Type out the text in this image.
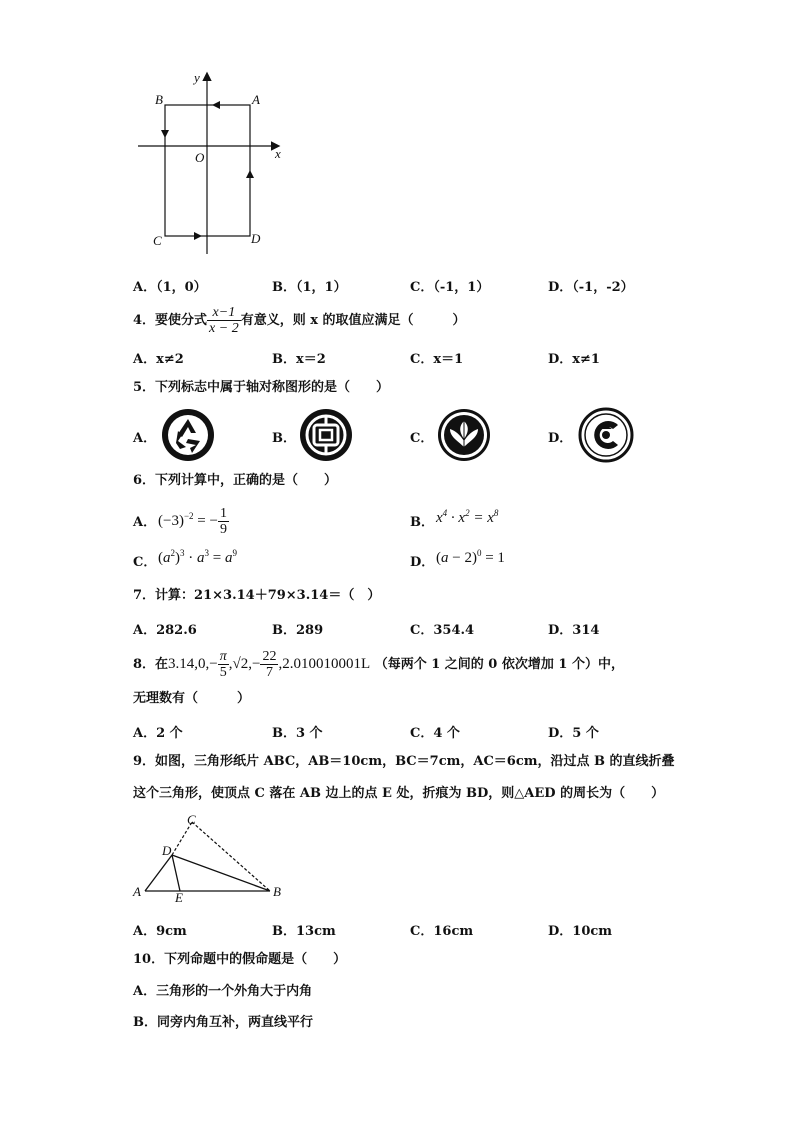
y
x
O
A
B
C	D
A．（1，0）	B．（1，1）	C．（-1，1）	D．（-1，-2）
4．要使分式 $\frac{x-1}{x - 2}$ 有意义，则 x 的取值应满足（　　　）
A．x≠2	B．x＝2	C．x＝1	D．x≠1
5．下列标志中属于轴对称图形的是（　　）
A．	B．	C．	D．
6．下列计算中，正确的是（　　）
A． $(-3)^{-2}$ = − $\frac{1}{9}$	B． $x^4 \cdot x^2 = x^8$
C． $(a^2)^3 \cdot a^3 = a^9$
D． $(a - 2)^0 = 1$
7．计算：21×3.14＋79×3.14＝（　）
A．282.6	B．289	C．354.4	D．314
8．在$3.14,0,- \frac{\pi}{5} ,√2,- \frac{22}{7} ,2.010010001L$ （每两个 1 之间的 0 依次增加 1 个）中，
无理数有（　　　）
A．2 个	B．3 个	C．4 个	D．5 个
9．如图，三角形纸片 ABC，AB＝10cm，BC＝7cm，AC＝6cm，沿过点 B 的直线折叠
这个三角形，使顶点 C 落在 AB 边上的点 E 处，折痕为 BD，则△AED 的周长为（　　）
C
D
A	E	B
A．9cm	B．13cm	C．16cm	D．10cm
10．下列命题中的假命题是（　　）
A．三角形的一个外角大于内角
B．同旁内角互补，两直线平行
